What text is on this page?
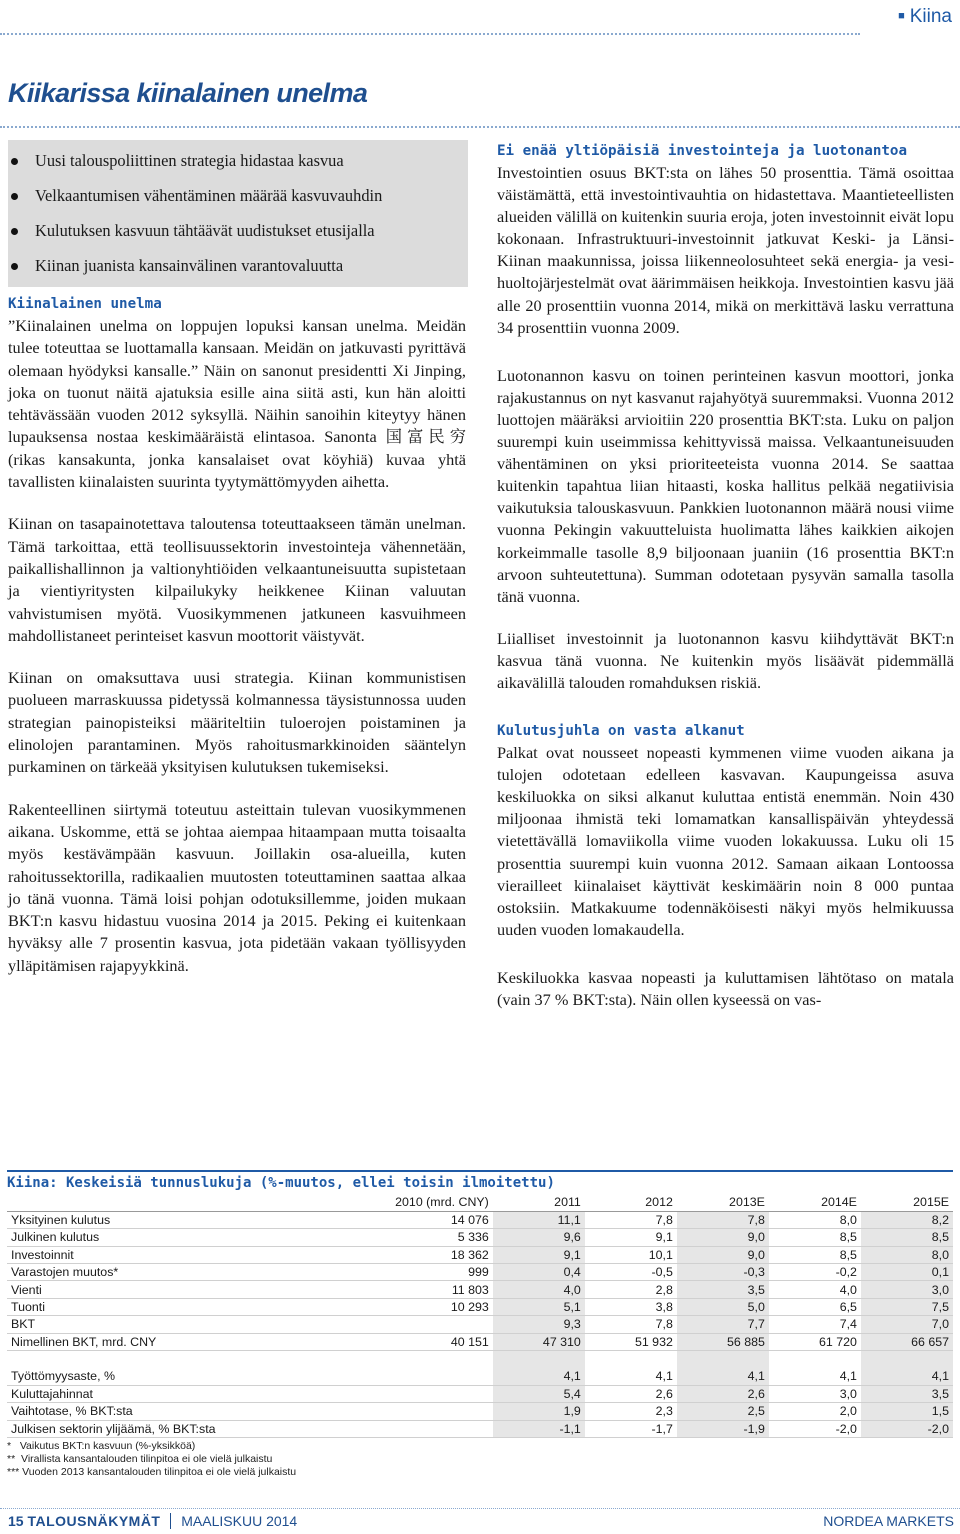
■ Kiina
Kiikarissa kiinalainen unelma
Uusi talouspoliittinen strategia hidastaa kasvua
Velkaantumisen vähentäminen määrää kasvuvauhdin
Kulutuksen kasvuun tähtäävät uudistukset etusijalla
Kiinan juanista kansainvälinen varantovaluutta
Kiinalainen unelma

”Kiinalainen unelma on loppujen lopuksi kansan unelma. Meidän tulee toteuttaa se luottamalla kansaan. Meidän on jatkuvasti pyrittävä olemaan hyödyksi kansalle.” Näin on sanonut presidentti Xi Jinping, joka on tuonut näitä ajatuksia esille aina siitä asti, kun hän aloitti tehtävässään vuoden 2012 syksyllä. Näihin sanoihin kiteytyy hänen lupauksensa nostaa keskimääräistä elintasoa. Sanonta 国富民穷 (rikas kansakunta, jonka kansalaiset ovat köyhiä) kuvaa yhtä tavallisten kiinalaisten suurinta tyytymättömyyden aihetta.

Kiinan on tasapainotettava taloutensa toteuttaakseen tämän unelman. Tämä tarkoittaa, että teollisuussektorin investointeja vähennetään, paikallishallinnon ja valtionyhtiöiden velkaantuneisuutta supistetaan ja vientiyritysten kilpailukyky heikkenee Kiinan valuutan vahvistumisen myötä. Vuosikymmenen jatkuneen kasvuihmeen mahdollistaneet perinteiset kasvun moottorit väistyvät.

Kiinan on omaksuttava uusi strategia. Kiinan kommunistisen puolueen marraskuussa pidetyssä kolmannessa täysistunnossa uuden strategian painopisteiksi määriteltiin tuloerojen poistaminen ja elinolojen parantaminen. Myös rahoitusmarkkinoiden sääntelyn purkaminen on tärkeää yksityisen kulutuksen tukemiseksi.

Rakenteellinen siirtymä toteutuu asteittain tulevan vuosikymmenen aikana. Uskomme, että se johtaa aiempaa hitaampaan mutta toisaalta myös kestävämpään kasvuun. Joillakin osa-alueilla, kuten rahoitussektorilla, radikaalien muutosten toteuttaminen saattaa alkaa jo tänä vuonna. Tämä loisi pohjan odotuksillemme, joiden mukaan BKT:n kasvu hidastuu vuosina 2014 ja 2015. Peking ei kuitenkaan hyväksy alle 7 prosentin kasvua, jota pidetään vakaan työllisyyden ylläpitämisen rajapyykkinä.

Ei enää yltiöpäisiä investointeja ja luotonantoa

Investointien osuus BKT:sta on lähes 50 prosenttia. Tämä osoittaa väistämättä, että investointivauhtia on hidastettava. Maantieteellisten alueiden välillä on kuitenkin suuria eroja, joten investoinnit eivät lopu kokonaan. Infrastruktuuri-investoinnit jatkuvat Keski- ja Länsi-Kiinan maakunnissa, joissa liikenneolosuhteet sekä energia- ja vesihuoltojärjestelmät ovat äärimmäisen heikkoja. Investointien kasvu jää alle 20 prosenttiin vuonna 2014, mikä on merkittävä lasku verrattuna 34 prosenttiin vuonna 2009.

Luotonannon kasvu on toinen perinteinen kasvun moottori, jonka rajakustannus on nyt kasvanut rajahyötyä suuremmaksi. Vuonna 2012 luottojen määräksi arvioitiin 220 prosenttia BKT:sta. Luku on paljon suurempi kuin useimmissa kehittyvissä maissa. Velkaantuneisuuden vähentäminen on yksi prioriteeteista vuonna 2014. Se saattaa kuitenkin tapahtua liian hitaasti, koska hallitus pelkää negatiivisia vaikutuksia talouskasvuun. Pankkien luotonannon määrä nousi viime vuonna Pekingin vakuutteluista huolimatta lähes kaikkien aikojen korkeimmalle tasolle 8,9 biljoonaan juaniin (16 prosenttia BKT:n arvoon suhteutettuna). Summan odotetaan pysyvän samalla tasolla tänä vuonna.

Liialliset investoinnit ja luotonannon kasvu kiihdyttävät BKT:n kasvua tänä vuonna. Ne kuitenkin myös lisäävät pidemmällä aikavälillä talouden romahduksen riskiä.

Kulutusjuhla on vasta alkanut

Palkat ovat nousseet nopeasti kymmenen viime vuoden aikana ja tulojen odotetaan edelleen kasvavan. Kaupungeissa asuva keskiluokka on siksi alkanut kuluttaa entistä enemmän. Noin 430 miljoonaa ihmistä teki lomamatkan kansallispäivän yhteydessä vietettävällä lomaviikolla viime vuoden lokakuussa. Luku oli 15 prosenttia suurempi kuin vuonna 2012. Samaan aikaan Lontoossa vierailleet kiinalaiset käyttivät keskimäärin noin 8 000 puntaa ostoksiin. Matkakuume todennäköisesti näkyi myös helmikuussa uuden vuoden lomakaudella.

Keskiluokka kasvaa nopeasti ja kuluttamisen lähtötaso on matala (vain 37 % BKT:sta). Näin ollen kyseessä on vas-

Kiina: Keskeisiä tunnuslukuja (%-muutos, ellei toisin ilmoitettu)
	2010 (mrd. CNY)	2011	2012	2013E	2014E	2015E
Yksityinen kulutus	14 076	11,1	7,8	7,8	8,0	8,2
Julkinen kulutus	5 336	9,6	9,1	9,0	8,5	8,5
Investoinnit	18 362	9,1	10,1	9,0	8,5	8,0
Varastojen muutos*	999	0,4	-0,5	-0,3	-0,2	0,1
Vienti	11 803	4,0	2,8	3,5	4,0	3,0
Tuonti	10 293	5,1	3,8	5,0	6,5	7,5
BKT		9,3	7,8	7,7	7,4	7,0
Nimellinen BKT, mrd. CNY	40 151	47 310	51 932	56 885	61 720	66 657

Työttömyysaste, %		4,1	4,1	4,1	4,1	4,1
Kuluttajahinnat		5,4	2,6	2,6	3,0	3,5
Vaihtotase, % BKT:sta		1,9	2,3	2,5	2,0	1,5
Julkisen sektorin ylijäämä, % BKT:sta		-1,1	-1,7	-1,9	-2,0	-2,0
*   Vaikutus BKT:n kasvuun (%-yksikköä)
**  Virallista kansantalouden tilinpitoa ei ole vielä julkaistu
*** Vuoden 2013 kansantalouden tilinpitoa ei ole vielä julkaistu
15 TALOUSNÄKYMÄT MAALISKUU 2014	NORDEA MARKETS
